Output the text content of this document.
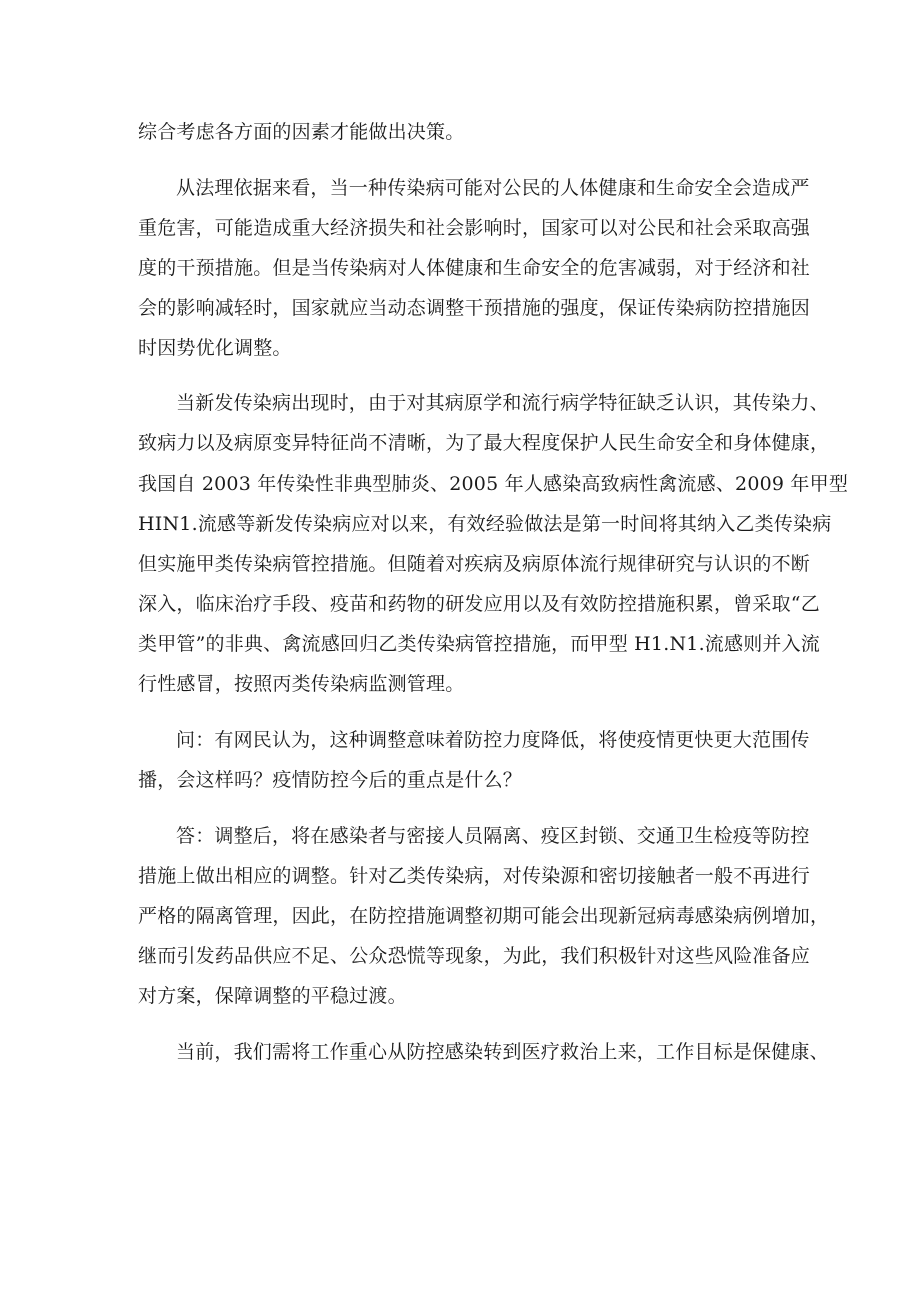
综合考虑各方面的因素才能做出决策。
从法理依据来看，当一种传染病可能对公民的人体健康和生命安全会造成严
重危害，可能造成重大经济损失和社会影响时，国家可以对公民和社会采取高强
度的干预措施。但是当传染病对人体健康和生命安全的危害减弱，对于经济和社
会的影响减轻时，国家就应当动态调整干预措施的强度，保证传染病防控措施因
时因势优化调整。
当新发传染病出现时，由于对其病原学和流行病学特征缺乏认识，其传染力、
致病力以及病原变异特征尚不清晰，为了最大程度保护人民生命安全和身体健康，
我国自 2003 年传染性非典型肺炎、2005 年人感染高致病性禽流感、2009 年甲型
HIN1.流感等新发传染病应对以来，有效经验做法是第一时间将其纳入乙类传染病
但实施甲类传染病管控措施。但随着对疾病及病原体流行规律研究与认识的不断
深入，临床治疗手段、疫苗和药物的研发应用以及有效防控措施积累，曾采取“乙
类甲管”的非典、禽流感回归乙类传染病管控措施，而甲型 H1.N1.流感则并入流
行性感冒，按照丙类传染病监测管理。
问：有网民认为，这种调整意味着防控力度降低，将使疫情更快更大范围传
播，会这样吗？疫情防控今后的重点是什么？
答：调整后，将在感染者与密接人员隔离、疫区封锁、交通卫生检疫等防控
措施上做出相应的调整。针对乙类传染病，对传染源和密切接触者一般不再进行
严格的隔离管理，因此，在防控措施调整初期可能会出现新冠病毒感染病例增加，
继而引发药品供应不足、公众恐慌等现象，为此，我们积极针对这些风险准备应
对方案，保障调整的平稳过渡。
当前，我们需将工作重心从防控感染转到医疗救治上来，工作目标是保健康、
